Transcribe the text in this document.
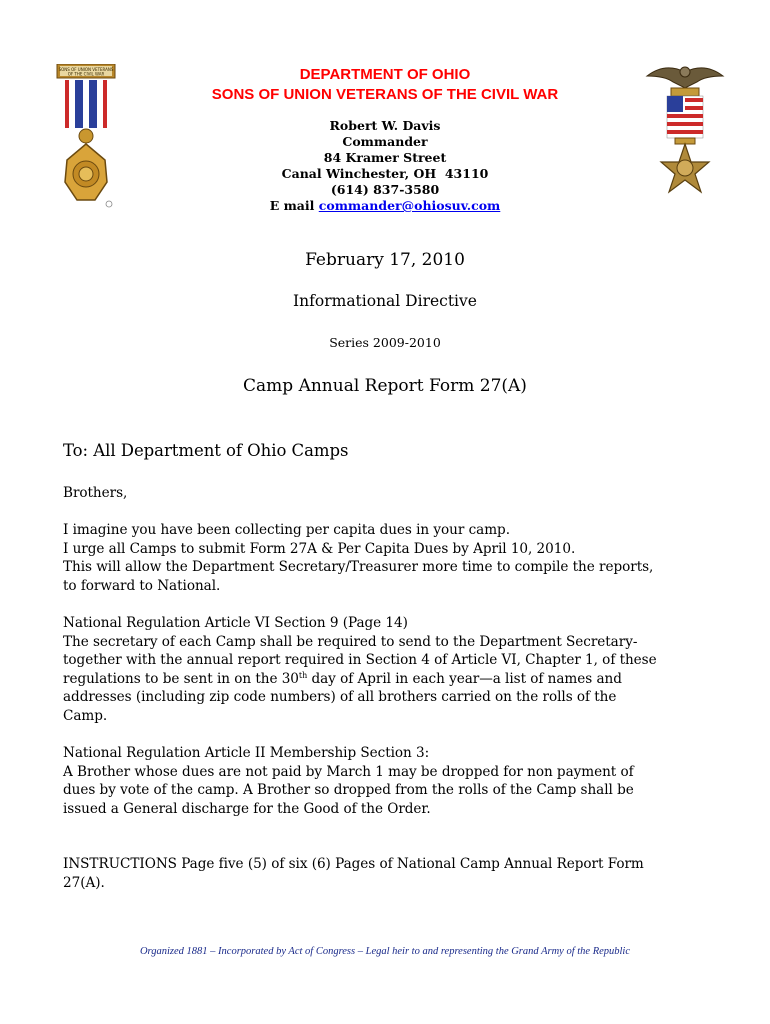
SONS OF UNION VETERANS
OF THE CIVIL WAR	DEPARTMENT OF OHIO
SONS OF UNION VETERANS OF THE CIVIL WAR
Robert W. Davis
Commander
84 Kramer Street
Canal Winchester, OH  43110
(614) 837-3580
E mail commander@ohiosuv.com
February 17, 2010
Informational Directive
Series 2009-2010
Camp Annual Report Form 27(A)
To: All Department of Ohio Camps
Brothers,

I imagine you have been collecting per capita dues in your camp.

I urge all Camps to submit Form 27A & Per Capita Dues by April 10, 2010.

This will allow the Department Secretary/Treasurer more time to compile the reports,

to forward to National.

National Regulation Article VI Section 9 (Page 14)

The secretary of each Camp shall be required to send to the Department Secretary-

together with the annual report required in Section 4 of Article VI, Chapter 1, of these

regulations to be sent in on the 30th day of April in each year—a list of names and

addresses (including zip code numbers) of all brothers carried on the rolls of the

Camp.

National Regulation Article II Membership Section 3:

A Brother whose dues are not paid by March 1 may be dropped for non payment of

dues by vote of the camp. A Brother so dropped from the rolls of the Camp shall be

issued a General discharge for the Good of the Order.

INSTRUCTIONS Page five (5) of six (6) Pages of National Camp Annual Report Form

27(A).

Organized 1881 – Incorporated by Act of Congress – Legal heir to and representing the Grand Army of the Republic
